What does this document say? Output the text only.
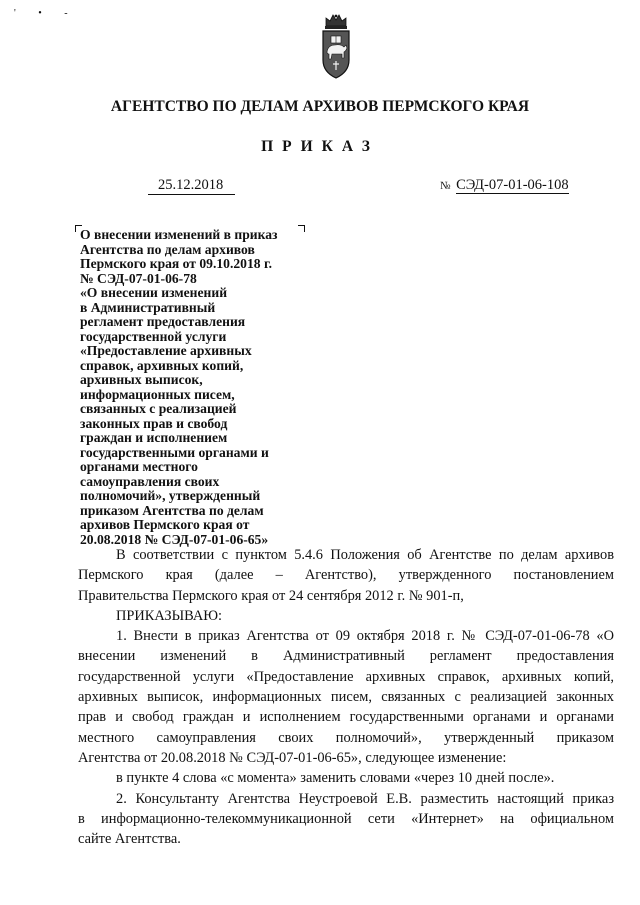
' • -
АГЕНТСТВО ПО ДЕЛАМ АРХИВОВ ПЕРМСКОГО КРАЯ
ПРИКАЗ
25.12.2018	№ СЭД-07-01-06-108
О внесении изменений в приказ
Агентства по делам архивов
Пермского края от 09.10.2018 г.
№ СЭД-07-01-06-78
«О внесении изменений
в Административный
регламент предоставления
государственной услуги
«Предоставление архивных
справок, архивных копий,
архивных выписок,
информационных писем,
связанных с реализацией
законных прав и свобод
граждан и исполнением
государственными органами и
органами местного
самоуправления своих
полномочий», утвержденный
приказом Агентства по делам
архивов Пермского края от
20.08.2018 № СЭД-07-01-06-65»

В соответствии с пунктом 5.4.6 Положения об Агентстве по делам архивов
Пермского края (далее – Агентство), утвержденного постановлением
Правительства Пермского края от 24 сентября 2012 г. № 901-п,

ПРИКАЗЫВАЮ:

1. Внести в приказ Агентства от 09 октября 2018 г. № СЭД-07-01-06-78 «О
внесении изменений в Административный регламент предоставления
государственной услуги «Предоставление архивных справок, архивных копий,
архивных выписок, информационных писем, связанных с реализацией законных
прав и свобод граждан и исполнением государственными органами и органами
местного самоуправления своих полномочий», утвержденный приказом
Агентства от 20.08.2018 № СЭД-07-01-06-65», следующее изменение:

в пункте 4 слова «с момента» заменить словами «через 10 дней после».

2. Консультанту Агентства Неустроевой Е.В. разместить настоящий приказ
в информационно-телекоммуникационной сети «Интернет» на официальном
сайте Агентства.
